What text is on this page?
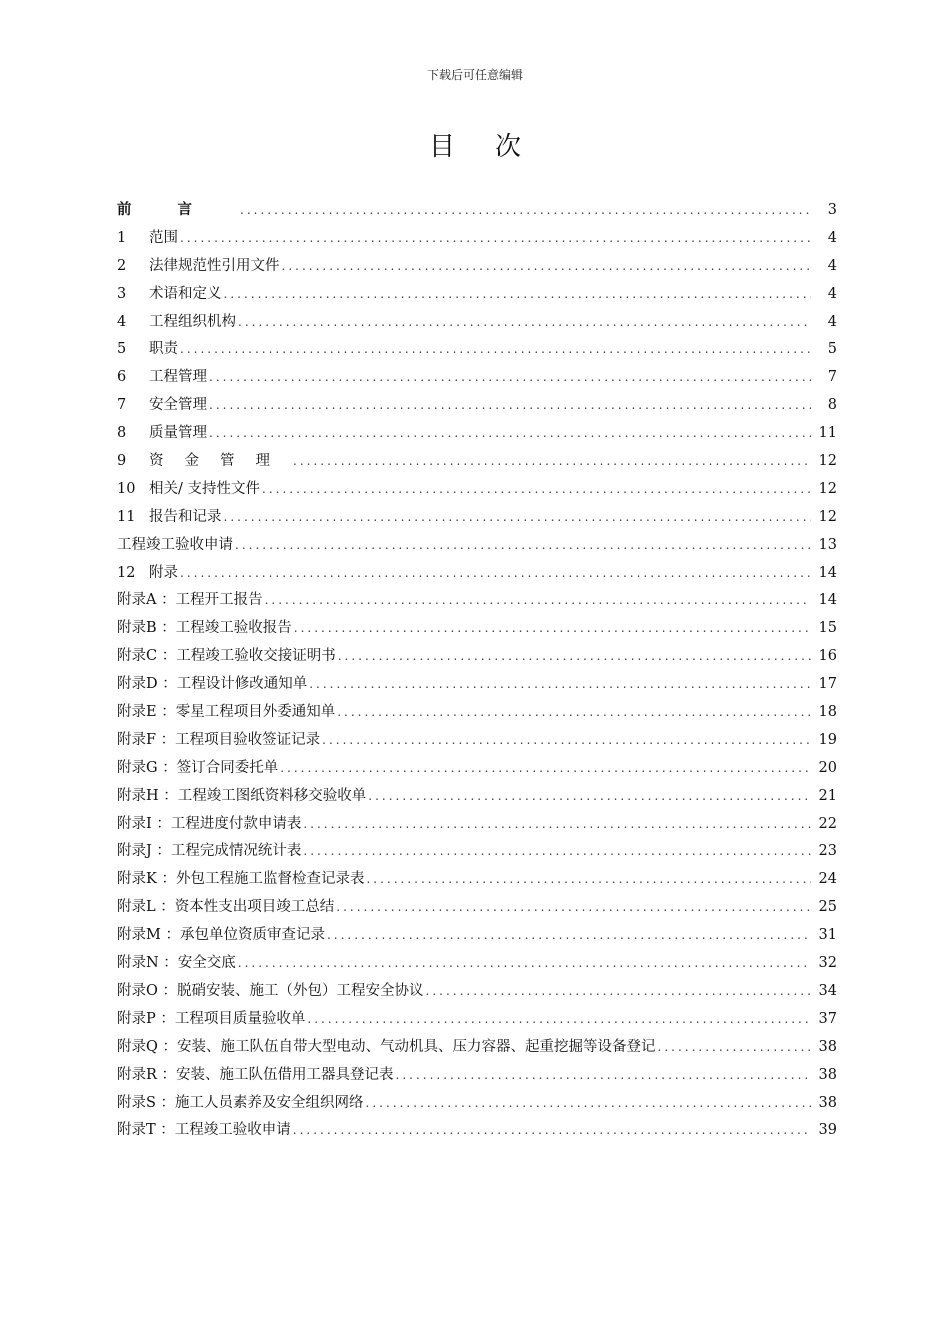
下载后可任意编辑
目次
前言 .....	3
1	范围 .....	4
2	法律规范性引用文件 .....	4
3	术语和定义 .....	4
4	工程组织机构 .....	4
5	职责 .....	5
6	工程管理 .....	7
7	安全管理 .....	8
8	质量管理 .....	11
9	资金管理 .....	12
10 相关/ 支持性文件 .....	12
11 报告和记录 .....	12
工程竣工验收申请 .....	13
12 附录 .....	14
附录A ：工程开工报告 .....	14
附录B ：工程竣工验收报告 .....	15
附录C ：工程竣工验收交接证明书 .....	16
附录D ：工程设计修改通知单 .....	17
附录E ：零星工程项目外委通知单 .....	18
附录F ：工程项目验收签证记录 .....	19
附录G ：签订合同委托单 .....	20
附录H ：工程竣工图纸资料移交验收单 .....	21
附录I ：工程进度付款申请表 .....	22
附录J ：工程完成情况统计表 .....	23
附录K ：外包工程施工监督检查记录表 .....	24
附录L ：资本性支出项目竣工总结 .....	25
附录M ：承包单位资质审查记录 .....	31
附录N ：安全交底 .....	32
附录O ：脱硝安装、施工（外包）工程安全协议 .....	34
附录P ：工程项目质量验收单 .....	37
附录Q ：安装、施工队伍自带大型电动、气动机具、压力容器、起重挖掘等设备登记 .....	38
附录R ：安装、施工队伍借用工器具登记表 .....	38
附录S ：施工人员素养及安全组织网络 .....	38
附录T ：工程竣工验收申请 .....	39
